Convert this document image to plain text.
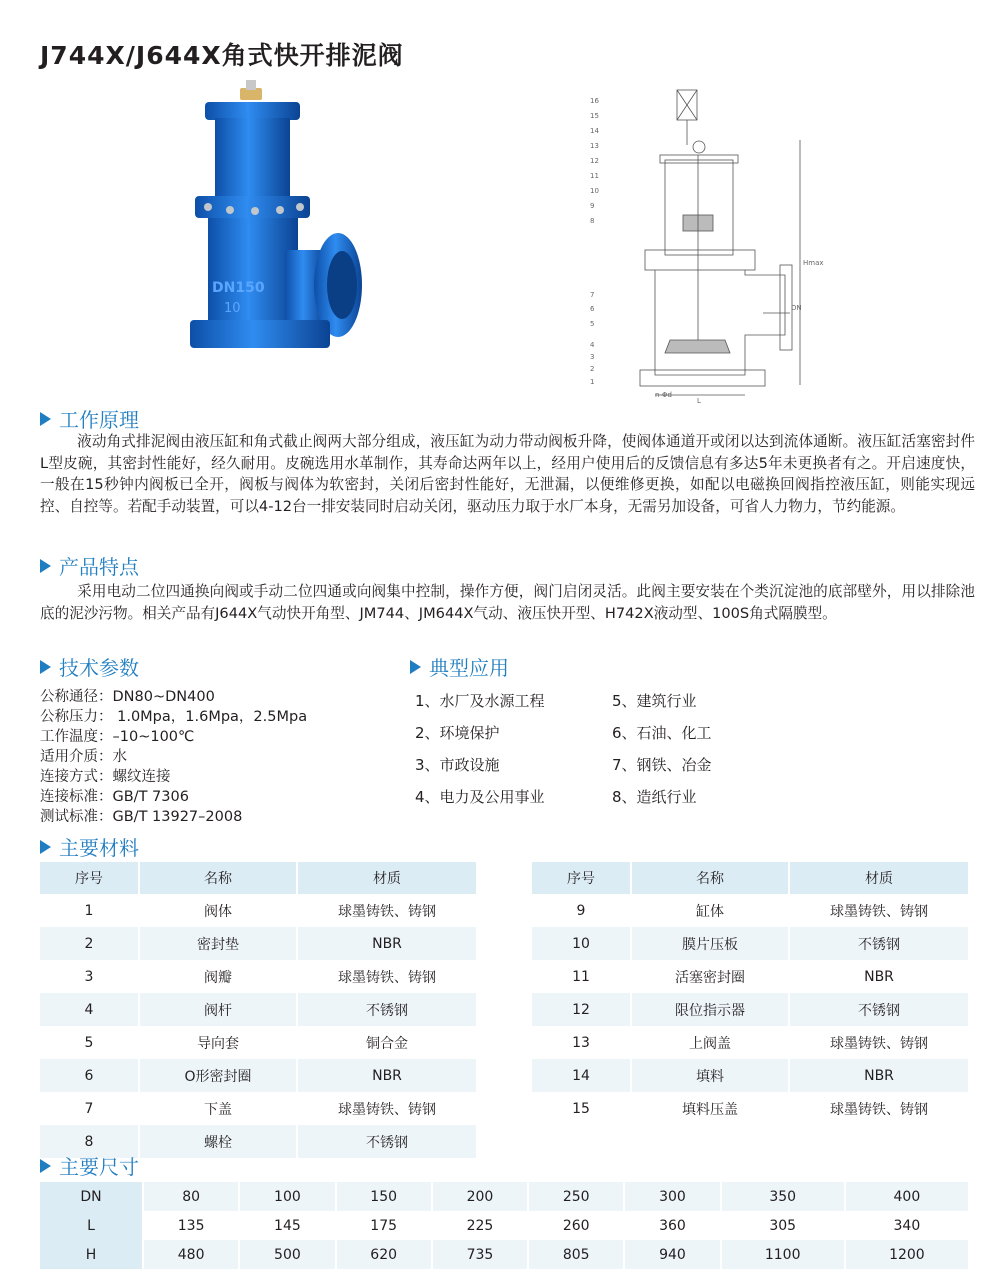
J744X/J644X角式快开排泥阀
DN150
10
16
15
14
13
12
11
10
9
8
7
6
5
4
3
2
1
Hmax
DN
L
n-Φd
工作原理
液动角式排泥阀由液压缸和角式截止阀两大部分组成，液压缸为动力带动阀板升降，使阀体通道开或闭以达到流体通断。液压缸活塞密封件L型皮碗，其密封性能好，经久耐用。皮碗选用水革制作，其寿命达两年以上，经用户使用后的反馈信息有多达5年未更换者有之。开启速度快，一般在15秒钟内阀板已全开，阀板与阀体为软密封，关闭后密封性能好，无泄漏，以便维修更换，如配以电磁换回阀指控液压缸，则能实现远控、自控等。若配手动装置，可以4-12台一排安装同时启动关闭，驱动压力取于水厂本身，无需另加设备，可省人力物力，节约能源。
产品特点
采用电动二位四通换向阀或手动二位四通或向阀集中控制，操作方便，阀门启闭灵活。此阀主要安装在个类沉淀池的底部壁外，用以排除池底的泥沙污物。相关产品有J644X气动快开角型、JM744、JM644X气动、液压快开型、H742X液动型、100S角式隔膜型。
技术参数
公称通径：DN80~DN400
公称压力： 1.0Mpa，1.6Mpa，2.5Mpa
工作温度：–10~100℃
适用介质：水
连接方式：螺纹连接
连接标准：GB/T 7306
测试标准：GB/T 13927–2008
典型应用
1、水厂及水源工程
2、环境保护
3、市政设施
4、电力及公用事业
5、建筑行业
6、石油、化工
7、钢铁、冶金
8、造纸行业
主要材料
序号	名称	材质
1	阀体	球墨铸铁、铸钢
2	密封垫	NBR
3	阀瓣	球墨铸铁、铸钢
4	阀杆	不锈钢
5	导向套	铜合金
6	O形密封圈	NBR
7	下盖	球墨铸铁、铸钢
8	螺栓	不锈钢
序号	名称	材质
9	缸体	球墨铸铁、铸钢
10	膜片压板	不锈钢
11	活塞密封圈	NBR
12	限位指示器	不锈钢
13	上阀盖	球墨铸铁、铸钢
14	填料	NBR
15	填料压盖	球墨铸铁、铸钢
主要尺寸
DN	80	100	150	200	250	300	350	400
L	135	145	175	225	260	360	305	340
H	480	500	620	735	805	940	1100	1200
